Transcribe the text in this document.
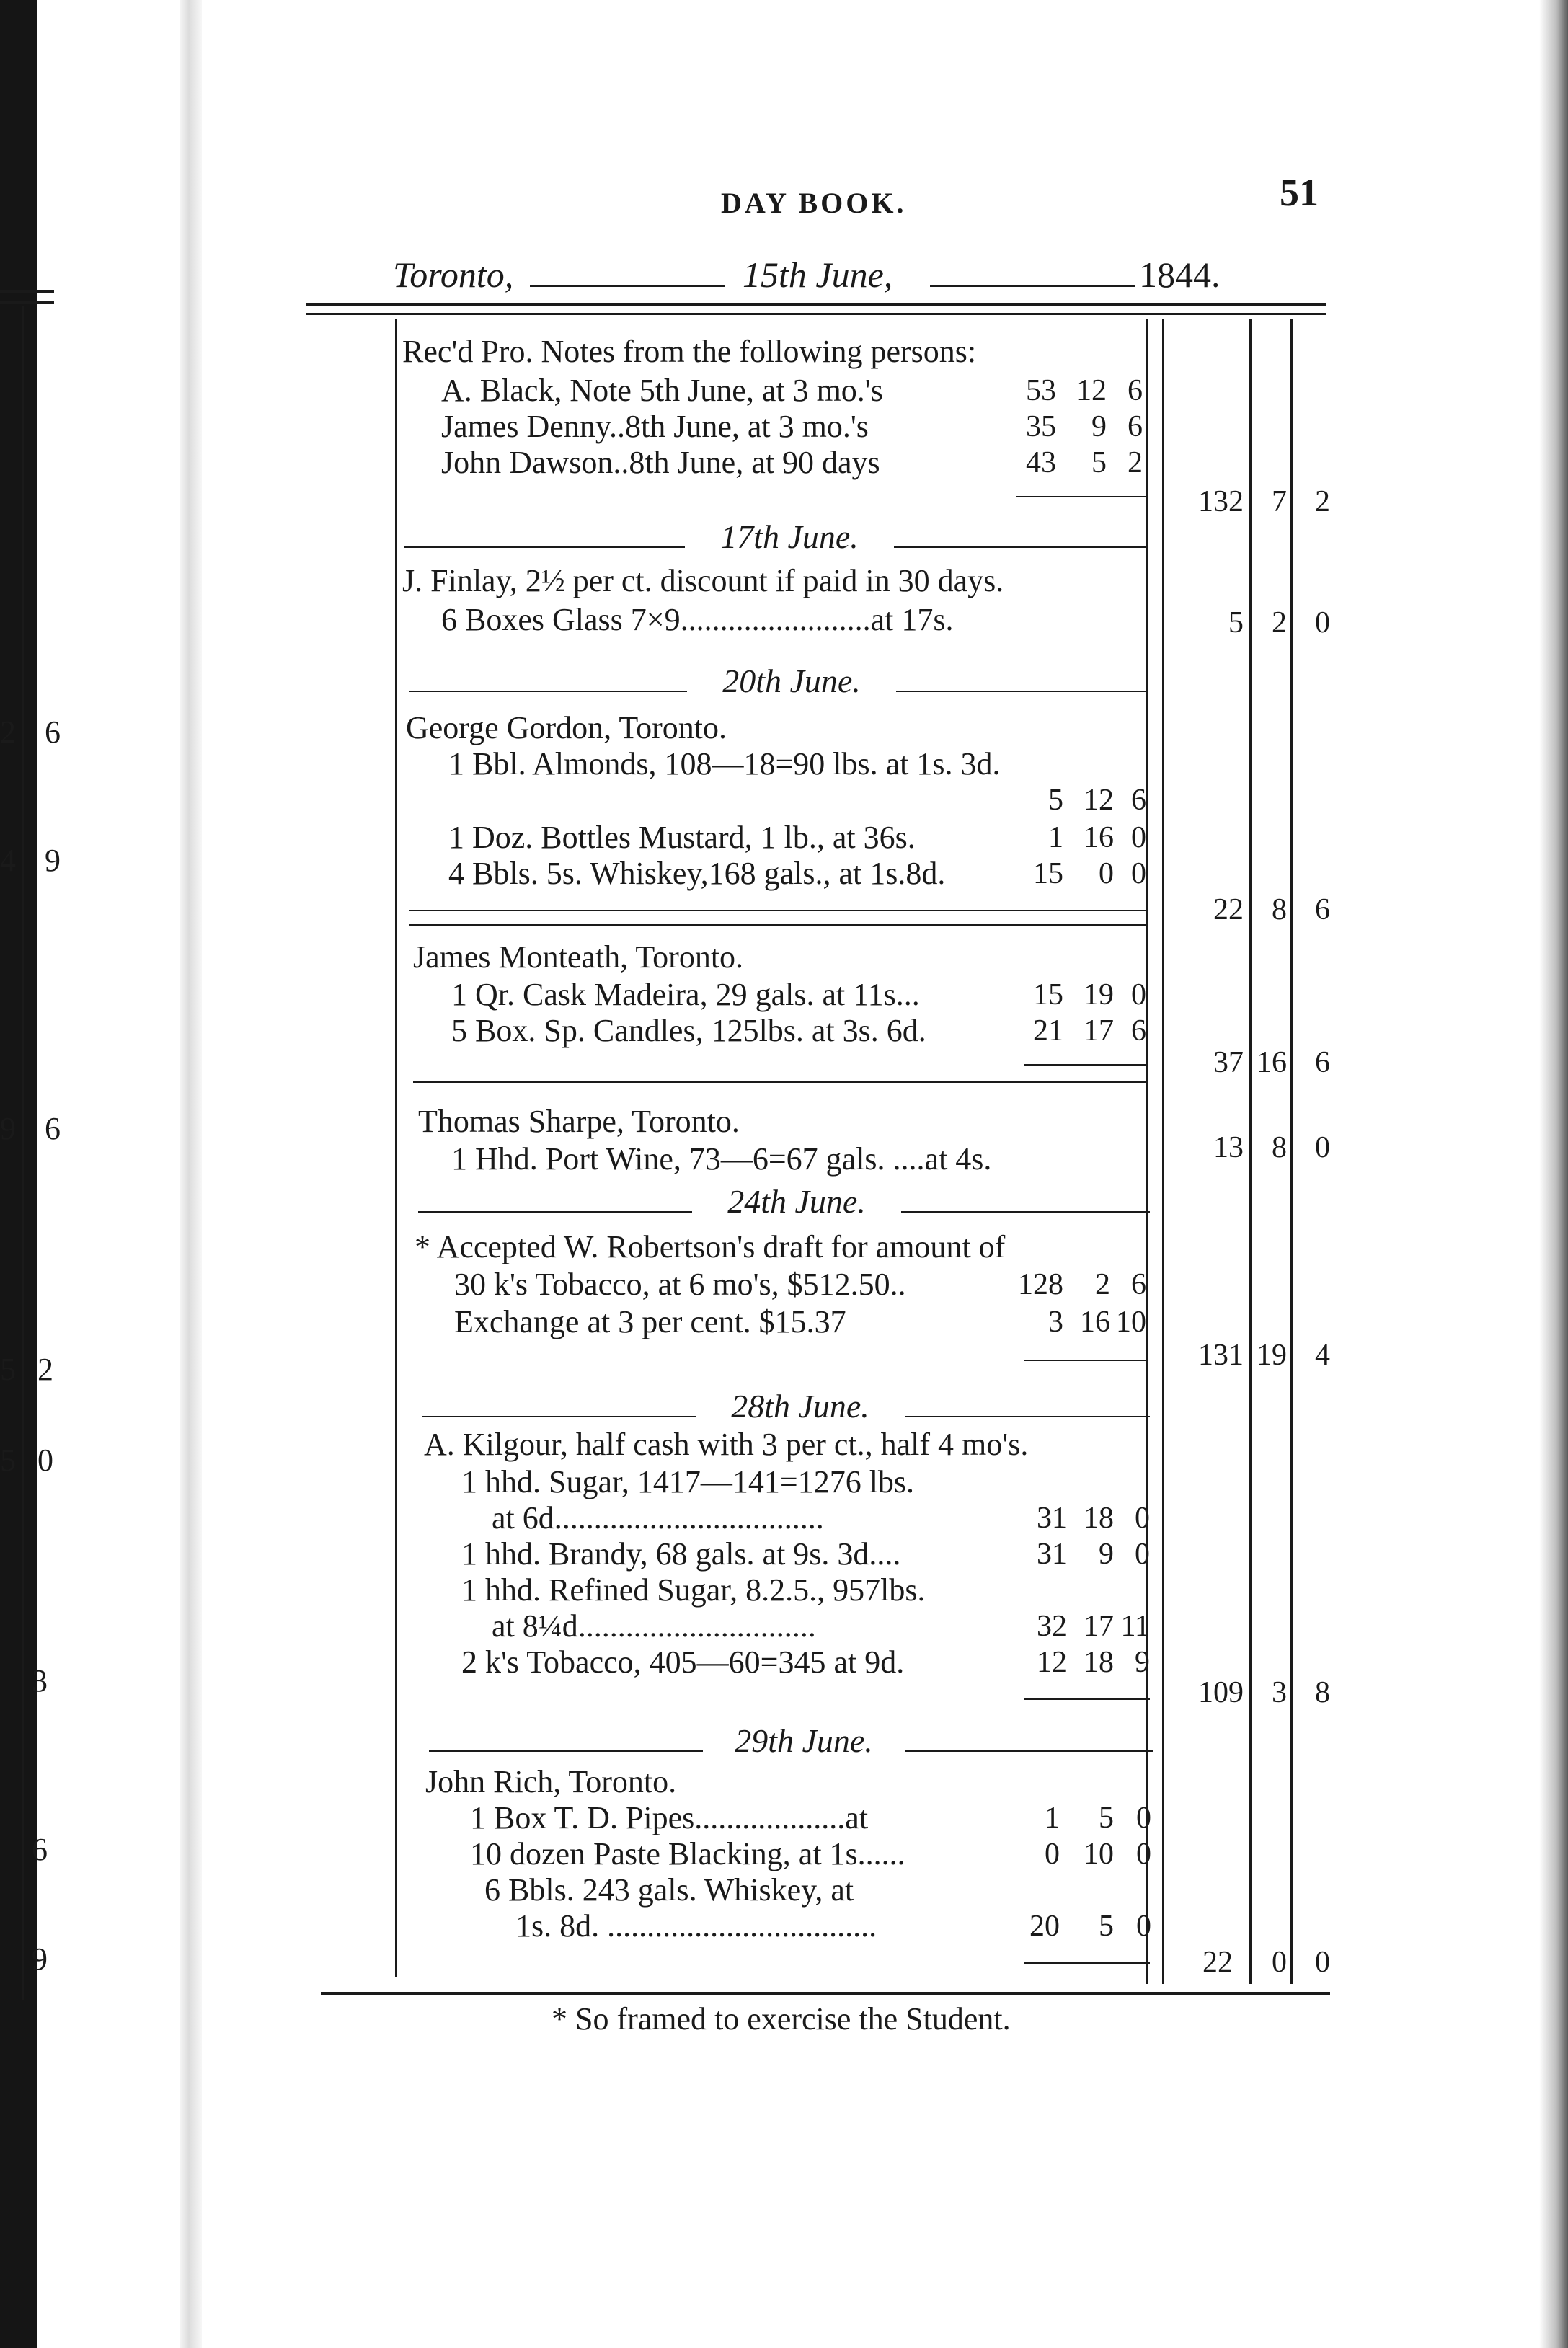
2 6
4 9
9 6
5 2
5 0
3
6
9
DAY BOOK.	51
Toronto,	15th June,	1844.
Rec'd Pro. Notes from the following persons:
A. Black, Note 5th June, at 3 mo.'s	53 12 6
James Denny..8th June, at 3 mo.'s	35	9 6
John Dawson..8th June, at 90 days	43	5 2
132 7 2
17th June.
J. Finlay, 2½ per ct. discount if paid in 30 days.
6 Boxes Glass 7×9........................at 17s.	5 2 0
20th June.
George Gordon, Toronto.
1 Bbl. Almonds, 108—18=90 lbs. at 1s. 3d.
5 12 6
1 Doz. Bottles Mustard, 1 lb., at 36s.	1 16 0
4 Bbls. 5s. Whiskey,168 gals., at 1s.8d.	15	0 0
22 8 6
James Monteath, Toronto.
1 Qr. Cask Madeira, 29 gals. at 11s...	15 19 0
5 Box. Sp. Candles, 125lbs. at 3s. 6d.	21 17 6
37 16 6
Thomas Sharpe, Toronto.
1 Hhd. Port Wine, 73—6=67 gals. ....at 4s.	13 8 0
24th June.
* Accepted W. Robertson's draft for amount of
30 k's Tobacco, at 6 mo's, $512.50..	128	2 6
Exchange at 3 per cent. $15.37	3 16 10
131 19 4
28th June.
A. Kilgour, half cash with 3 per ct., half 4 mo's.
1 hhd. Sugar, 1417—141=1276 lbs.
at 6d..................................	31 18 0
1 hhd. Brandy, 68 gals. at 9s. 3d....	31	9 0
1 hhd. Refined Sugar, 8.2.5., 957lbs.
at 8¼d..............................	32 17 11
2 k's Tobacco, 405—60=345 at 9d.	12 18 9
109 3 8
29th June.
John Rich, Toronto.
1 Box T. D. Pipes...................at	1	5 0
10 dozen Paste Blacking, at 1s......	0 10 0
6 Bbls. 243 gals. Whiskey, at
1s. 8d. ..................................	20	5 0
22	0 0
* So framed to exercise the Student.
